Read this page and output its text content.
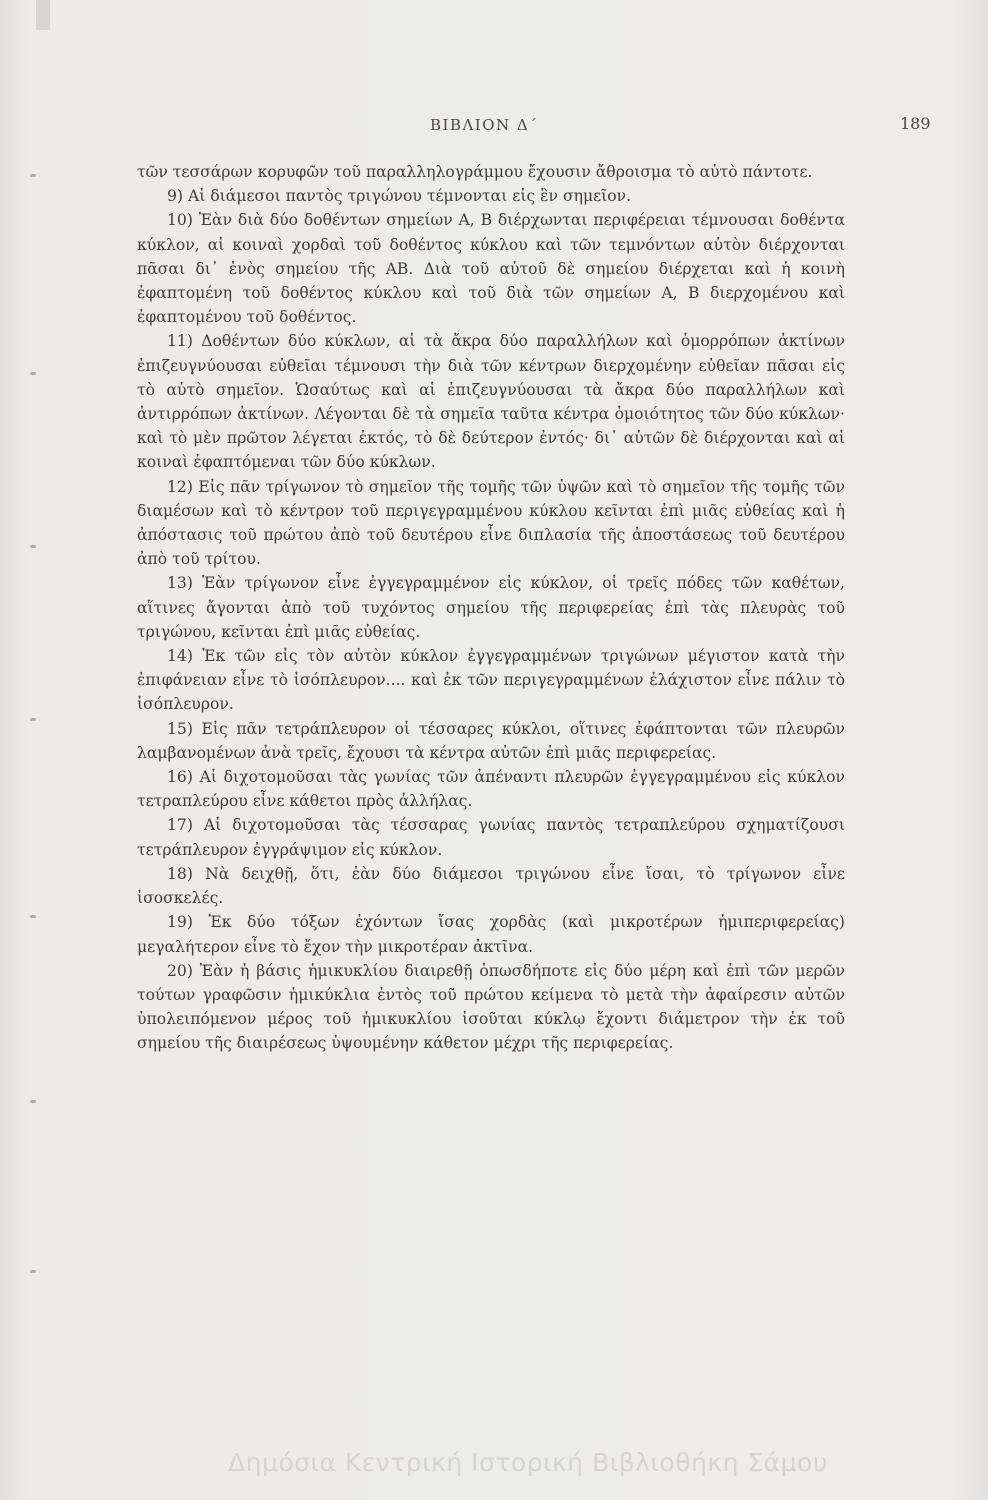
ΒΙΒΛΙΟΝ Δ΄	189

τῶν τεσσάρων κορυφῶν τοῦ παραλληλογράμμου ἔχουσιν ἄθροισμα τὸ αὐτὸ πάντοτε.

9) Αἱ διάμεσοι παντὸς τριγώνου τέμνονται εἰς ἓν σημεῖον.

10) Ἐὰν διὰ δύο δοθέντων σημείων Α, Β διέρχωνται περιφέρειαι τέμνουσαι δοθέντα κύκλον, αἱ κοιναὶ χορδαὶ τοῦ δοθέντος κύκλου καὶ τῶν τεμνόντων αὐτὸν διέρχονται πᾶσαι δι᾽ ἑνὸς σημείου τῆς ΑΒ. Διὰ τοῦ αὐτοῦ δὲ σημείου διέρχεται καὶ ἡ κοινὴ ἐφαπτομένη τοῦ δοθέντος κύκλου καὶ τοῦ διὰ τῶν σημείων Α, Β διερχομένου καὶ ἐφαπτομένου τοῦ δοθέντος.

11) Δοθέντων δύο κύκλων, αἱ τὰ ἄκρα δύο παραλλήλων καὶ ὁμορρόπων ἀκτίνων ἐπιζευγνύουσαι εὐθεῖαι τέμνουσι τὴν διὰ τῶν κέντρων διερχομένην εὐθεῖαν πᾶσαι εἰς τὸ αὐτὸ σημεῖον. Ὡσαύτως καὶ αἱ ἐπιζευγνύουσαι τὰ ἄκρα δύο παραλλήλων καὶ ἀντιρρόπων ἀκτίνων. Λέγονται δὲ τὰ σημεῖα ταῦτα κέντρα ὁμοιότητος τῶν δύο κύκλων· καὶ τὸ μὲν πρῶτον λέγεται ἐκτός, τὸ δὲ δεύτερον ἐντός· δι᾽ αὐτῶν δὲ διέρχονται καὶ αἱ κοιναὶ ἐφαπτόμεναι τῶν δύο κύκλων.

12) Εἰς πᾶν τρίγωνον τὸ σημεῖον τῆς τομῆς τῶν ὑψῶν καὶ τὸ σημεῖον τῆς τομῆς τῶν διαμέσων καὶ τὸ κέντρον τοῦ περιγεγραμμένου κύκλου κεῖνται ἐπὶ μιᾶς εὐθείας καὶ ἡ ἀπόστασις τοῦ πρώτου ἀπὸ τοῦ δευτέρου εἶνε διπλασία τῆς ἀποστάσεως τοῦ δευτέρου ἀπὸ τοῦ τρίτου.

13) Ἐὰν τρίγωνον εἶνε ἐγγεγραμμένον εἰς κύκλον, οἱ τρεῖς πόδες τῶν καθέτων, αἵτινες ἄγονται ἀπὸ τοῦ τυχόντος σημείου τῆς περιφερείας ἐπὶ τὰς πλευρὰς τοῦ τριγώνου, κεῖνται ἐπὶ μιᾶς εὐθείας.

14) Ἐκ τῶν εἰς τὸν αὐτὸν κύκλον ἐγγεγραμμένων τριγώνων μέγιστον κατὰ τὴν ἐπιφάνειαν εἶνε τὸ ἰσόπλευρον.... καὶ ἐκ τῶν περιγεγραμμένων ἐλάχιστον εἶνε πάλιν τὸ ἰσόπλευρον.

15) Εἰς πᾶν τετράπλευρον οἱ τέσσαρες κύκλοι, οἵτινες ἐφάπτονται τῶν πλευρῶν λαμβανομένων ἀνὰ τρεῖς, ἔχουσι τὰ κέντρα αὐτῶν ἐπὶ μιᾶς περιφερείας.

16) Αἱ διχοτομοῦσαι τὰς γωνίας τῶν ἀπέναντι πλευρῶν ἐγγεγραμμένου εἰς κύκλον τετραπλεύρου εἶνε κάθετοι πρὸς ἀλλήλας.

17) Αἱ διχοτομοῦσαι τὰς τέσσαρας γωνίας παντὸς τετραπλεύρου σχηματίζουσι τετράπλευρον ἐγγράψιμον εἰς κύκλον.

18) Νὰ δειχθῇ, ὅτι, ἐὰν δύο διάμεσοι τριγώνου εἶνε ἴσαι, τὸ τρίγωνον εἶνε ἰσοσκελές.

19) Ἐκ δύο τόξων ἐχόντων ἴσας χορδὰς (καὶ μικροτέρων ἡμιπεριφερείας) μεγαλήτερον εἶνε τὸ ἔχον τὴν μικροτέραν ἀκτῖνα.

20) Ἐὰν ἡ βάσις ἡμικυκλίου διαιρεθῇ ὁπωσδήποτε εἰς δύο μέρη καὶ ἐπὶ τῶν μερῶν τούτων γραφῶσιν ἡμικύκλια ἐντὸς τοῦ πρώτου κείμενα τὸ μετὰ τὴν ἀφαίρεσιν αὐτῶν ὑπολειπόμενον μέρος τοῦ ἡμικυκλίου ἰσοῦται κύκλῳ ἔχοντι διάμετρον τὴν ἐκ τοῦ σημείου τῆς διαιρέσεως ὑψουμένην κάθετον μέχρι τῆς περιφερείας.

Δημόσια Κεντρική Ιστορική Βιβλιοθήκη Σάμου
